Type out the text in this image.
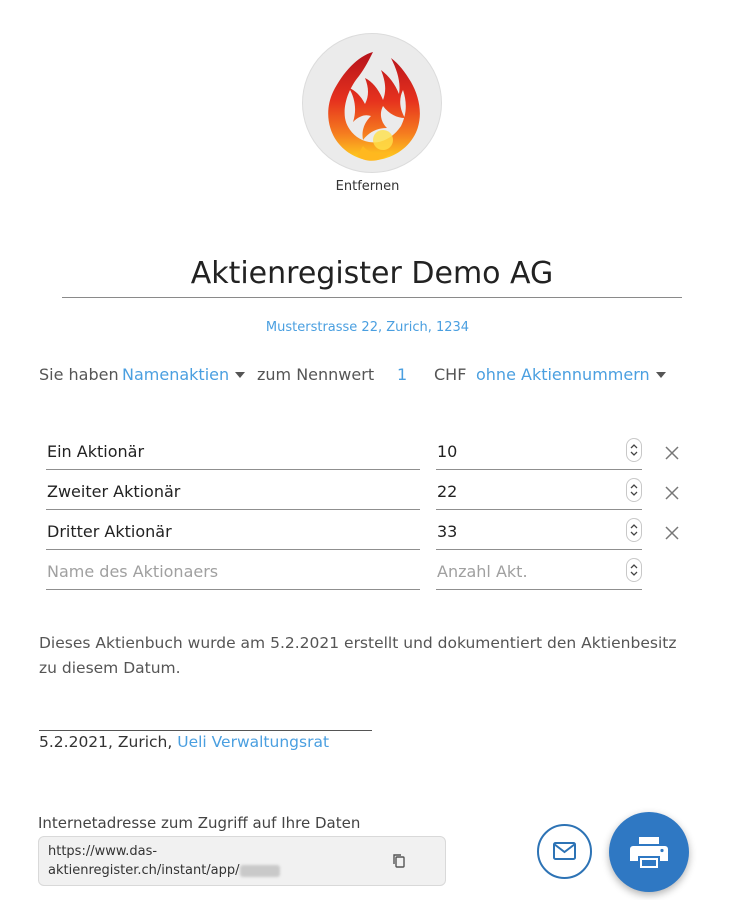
Entfernen
Aktienregister Demo AG
Musterstrasse 22, Zurich, 1234
Sie haben Namenaktien	zum Nennwert 1 CHF ohne Aktiennummern
Ein Aktionär	10
Zweiter Aktionär	22
Dritter Aktionär	33
Name des Aktionaers	Anzahl Akt.
Dieses Aktienbuch wurde am 5.2.2021 erstellt und dokumentiert den Aktienbesitz zu diesem Datum.
5.2.2021, Zurich, Ueli Verwaltungsrat
Internetadresse zum Zugriff auf Ihre Daten
https://www.das-
aktienregister.ch/instant/app/
